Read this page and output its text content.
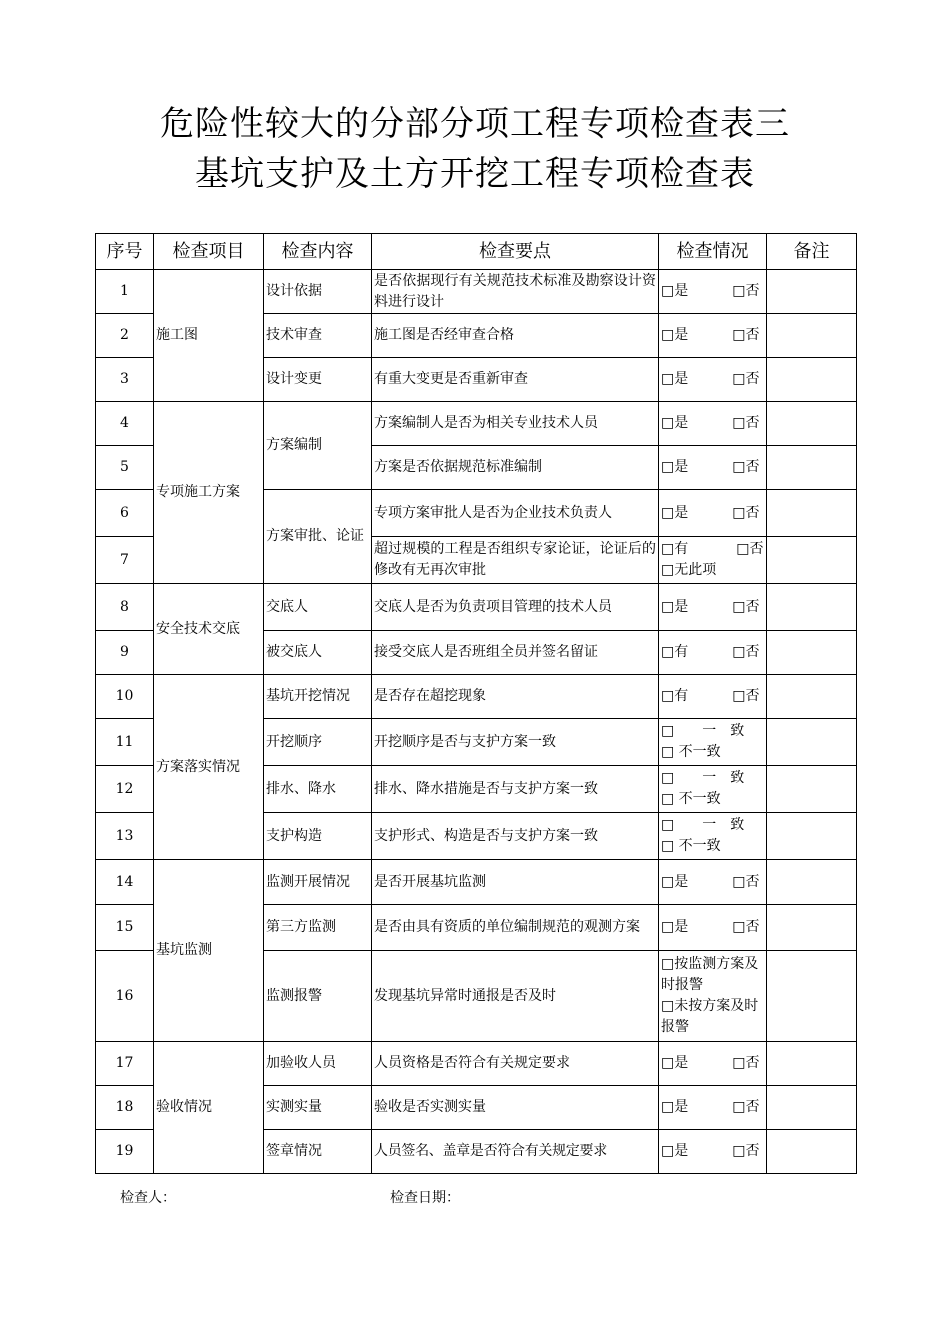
危险性较大的分部分项工程专项检查表三
基坑支护及土方开挖工程专项检查表
序号	检查项目	检查内容	检查要点	检查情况	备注
1	施工图	设计依据	是否依据现行有关规范技术标准及勘察设计资料进行设计	□是 □否	
2		技术审查	施工图是否经审查合格	□是 □否	
3		设计变更	有重大变更是否重新审查	□是 □否	
4	专项施工方案	方案编制	方案编制人是否为相关专业技术人员	□是 □否	
5			方案是否依据规范标准编制	□是 □否	
6		方案审批、论证	专项方案审批人是否为企业技术负责人	□是 □否	
7			超过规模的工程是否组织专家论证，论证后的修改有无再次审批	□有 □否
□无此项	
8	安全技术交底	交底人	交底人是否为负责项目管理的技术人员	□是 □否	
9		被交底人	接受交底人是否班组全员并签名留证	□有 □否	
10	方案落实情况	基坑开挖情况	是否存在超挖现象	□有 □否	
11		开挖顺序	开挖顺序是否与支护方案一致	□　　一　致
□ 不一致	
12		排水、降水	排水、降水措施是否与支护方案一致	□　　一　致
□ 不一致	
13		支护构造	支护形式、构造是否与支护方案一致	□　　一　致
□ 不一致	
14	基坑监测	监测开展情况	是否开展基坑监测	□是 □否	
15		第三方监测	是否由具有资质的单位编制规范的观测方案	□是 □否	
16		监测报警	发现基坑异常时通报是否及时	□按监测方案及时报警
□未按方案及时报警	
17	验收情况	加验收人员	人员资格是否符合有关规定要求	□是 □否	
18		实测实量	验收是否实测实量	□是 □否	
19		签章情况	人员签名、盖章是否符合有关规定要求	□是 □否	
检查人：	检查日期：
